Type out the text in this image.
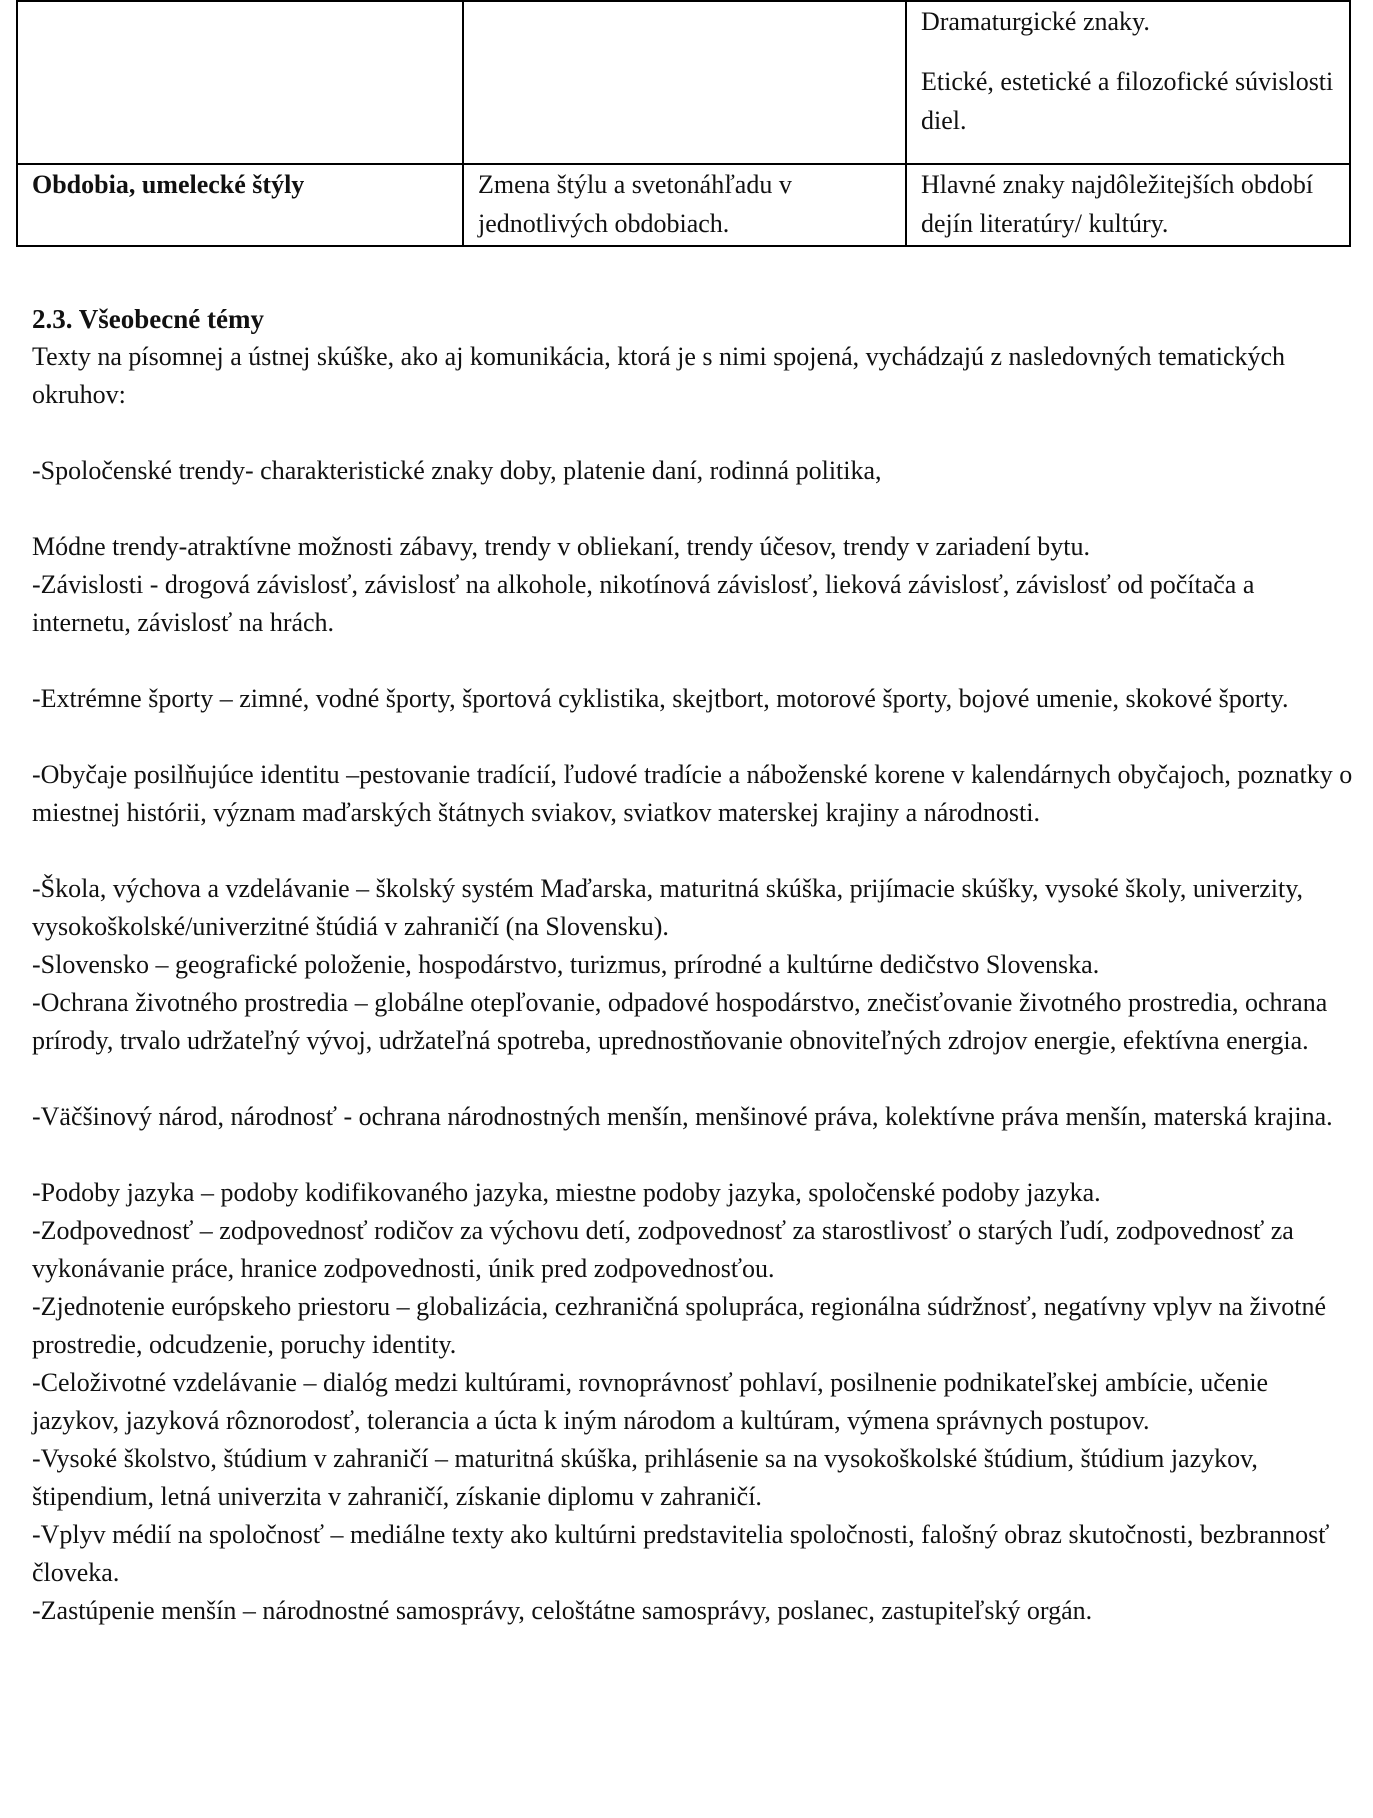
		Dramaturgické znaky.
Etické, estetické a filozofické súvislosti diel.

Obdobia, umelecké štýly	Zmena štýlu a svetonáhľadu v jednotlivých obdobiach.	Hlavné znaky najdôležitejších období dejín literatúry/ kultúry.
2.3. Všeobecné témy

Texty na písomnej a ústnej skúške, ako aj komunikácia, ktorá je s nimi spojená, vychádzajú z nasledovných tematických okruhov:

-Spoločenské trendy- charakteristické znaky doby, platenie daní, rodinná politika,

Módne trendy-atraktívne možnosti zábavy, trendy v obliekaní, trendy účesov, trendy v zariadení bytu.

-Závislosti - drogová závislosť, závislosť na alkohole, nikotínová závislosť, lieková závislosť, závislosť od počítača a internetu, závislosť na hrách.

-Extrémne športy – zimné, vodné športy, športová cyklistika, skejtbort, motorové športy, bojové umenie, skokové športy.

-Obyčaje posilňujúce identitu –pestovanie tradícií, ľudové tradície a náboženské korene v kalendárnych obyčajoch, poznatky o miestnej histórii, význam maďarských štátnych sviakov, sviatkov materskej krajiny a národnosti.

-Škola, výchova a vzdelávanie – školský systém Maďarska, maturitná skúška, prijímacie skúšky, vysoké školy, univerzity, vysokoškolské/univerzitné štúdiá v zahraničí (na Slovensku).

-Slovensko – geografické položenie, hospodárstvo, turizmus, prírodné a kultúrne dedičstvo Slovenska.

-Ochrana životného prostredia – globálne otepľovanie, odpadové hospodárstvo, znečisťovanie životného prostredia, ochrana prírody, trvalo udržateľný vývoj, udržateľná spotreba, uprednostňovanie obnoviteľných zdrojov energie, efektívna energia.

-Väčšinový národ, národnosť - ochrana národnostných menšín, menšinové práva, kolektívne práva menšín, materská krajina.

-Podoby jazyka – podoby kodifikovaného jazyka, miestne podoby jazyka, spoločenské podoby jazyka.

-Zodpovednosť – zodpovednosť rodičov za výchovu detí, zodpovednosť za starostlivosť o starých ľudí, zodpovednosť za vykonávanie práce, hranice zodpovednosti, únik pred zodpovednosťou.

-Zjednotenie európskeho priestoru – globalizácia, cezhraničná spolupráca, regionálna súdržnosť, negatívny vplyv na životné prostredie, odcudzenie, poruchy identity.

-Celoživotné vzdelávanie – dialóg medzi kultúrami, rovnoprávnosť pohlaví, posilnenie podnikateľskej ambície, učenie jazykov, jazyková rôznorodosť, tolerancia a úcta k iným národom a kultúram, výmena správnych postupov.

-Vysoké školstvo, štúdium v zahraničí – maturitná skúška, prihlásenie sa na vysokoškolské štúdium, štúdium jazykov, štipendium, letná univerzita v zahraničí, získanie diplomu v zahraničí.

-Vplyv médií na spoločnosť – mediálne texty ako kultúrni predstavitelia spoločnosti, falošný obraz skutočnosti, bezbrannosť človeka.

-Zastúpenie menšín – národnostné samosprávy, celoštátne samosprávy, poslanec, zastupiteľský orgán.
